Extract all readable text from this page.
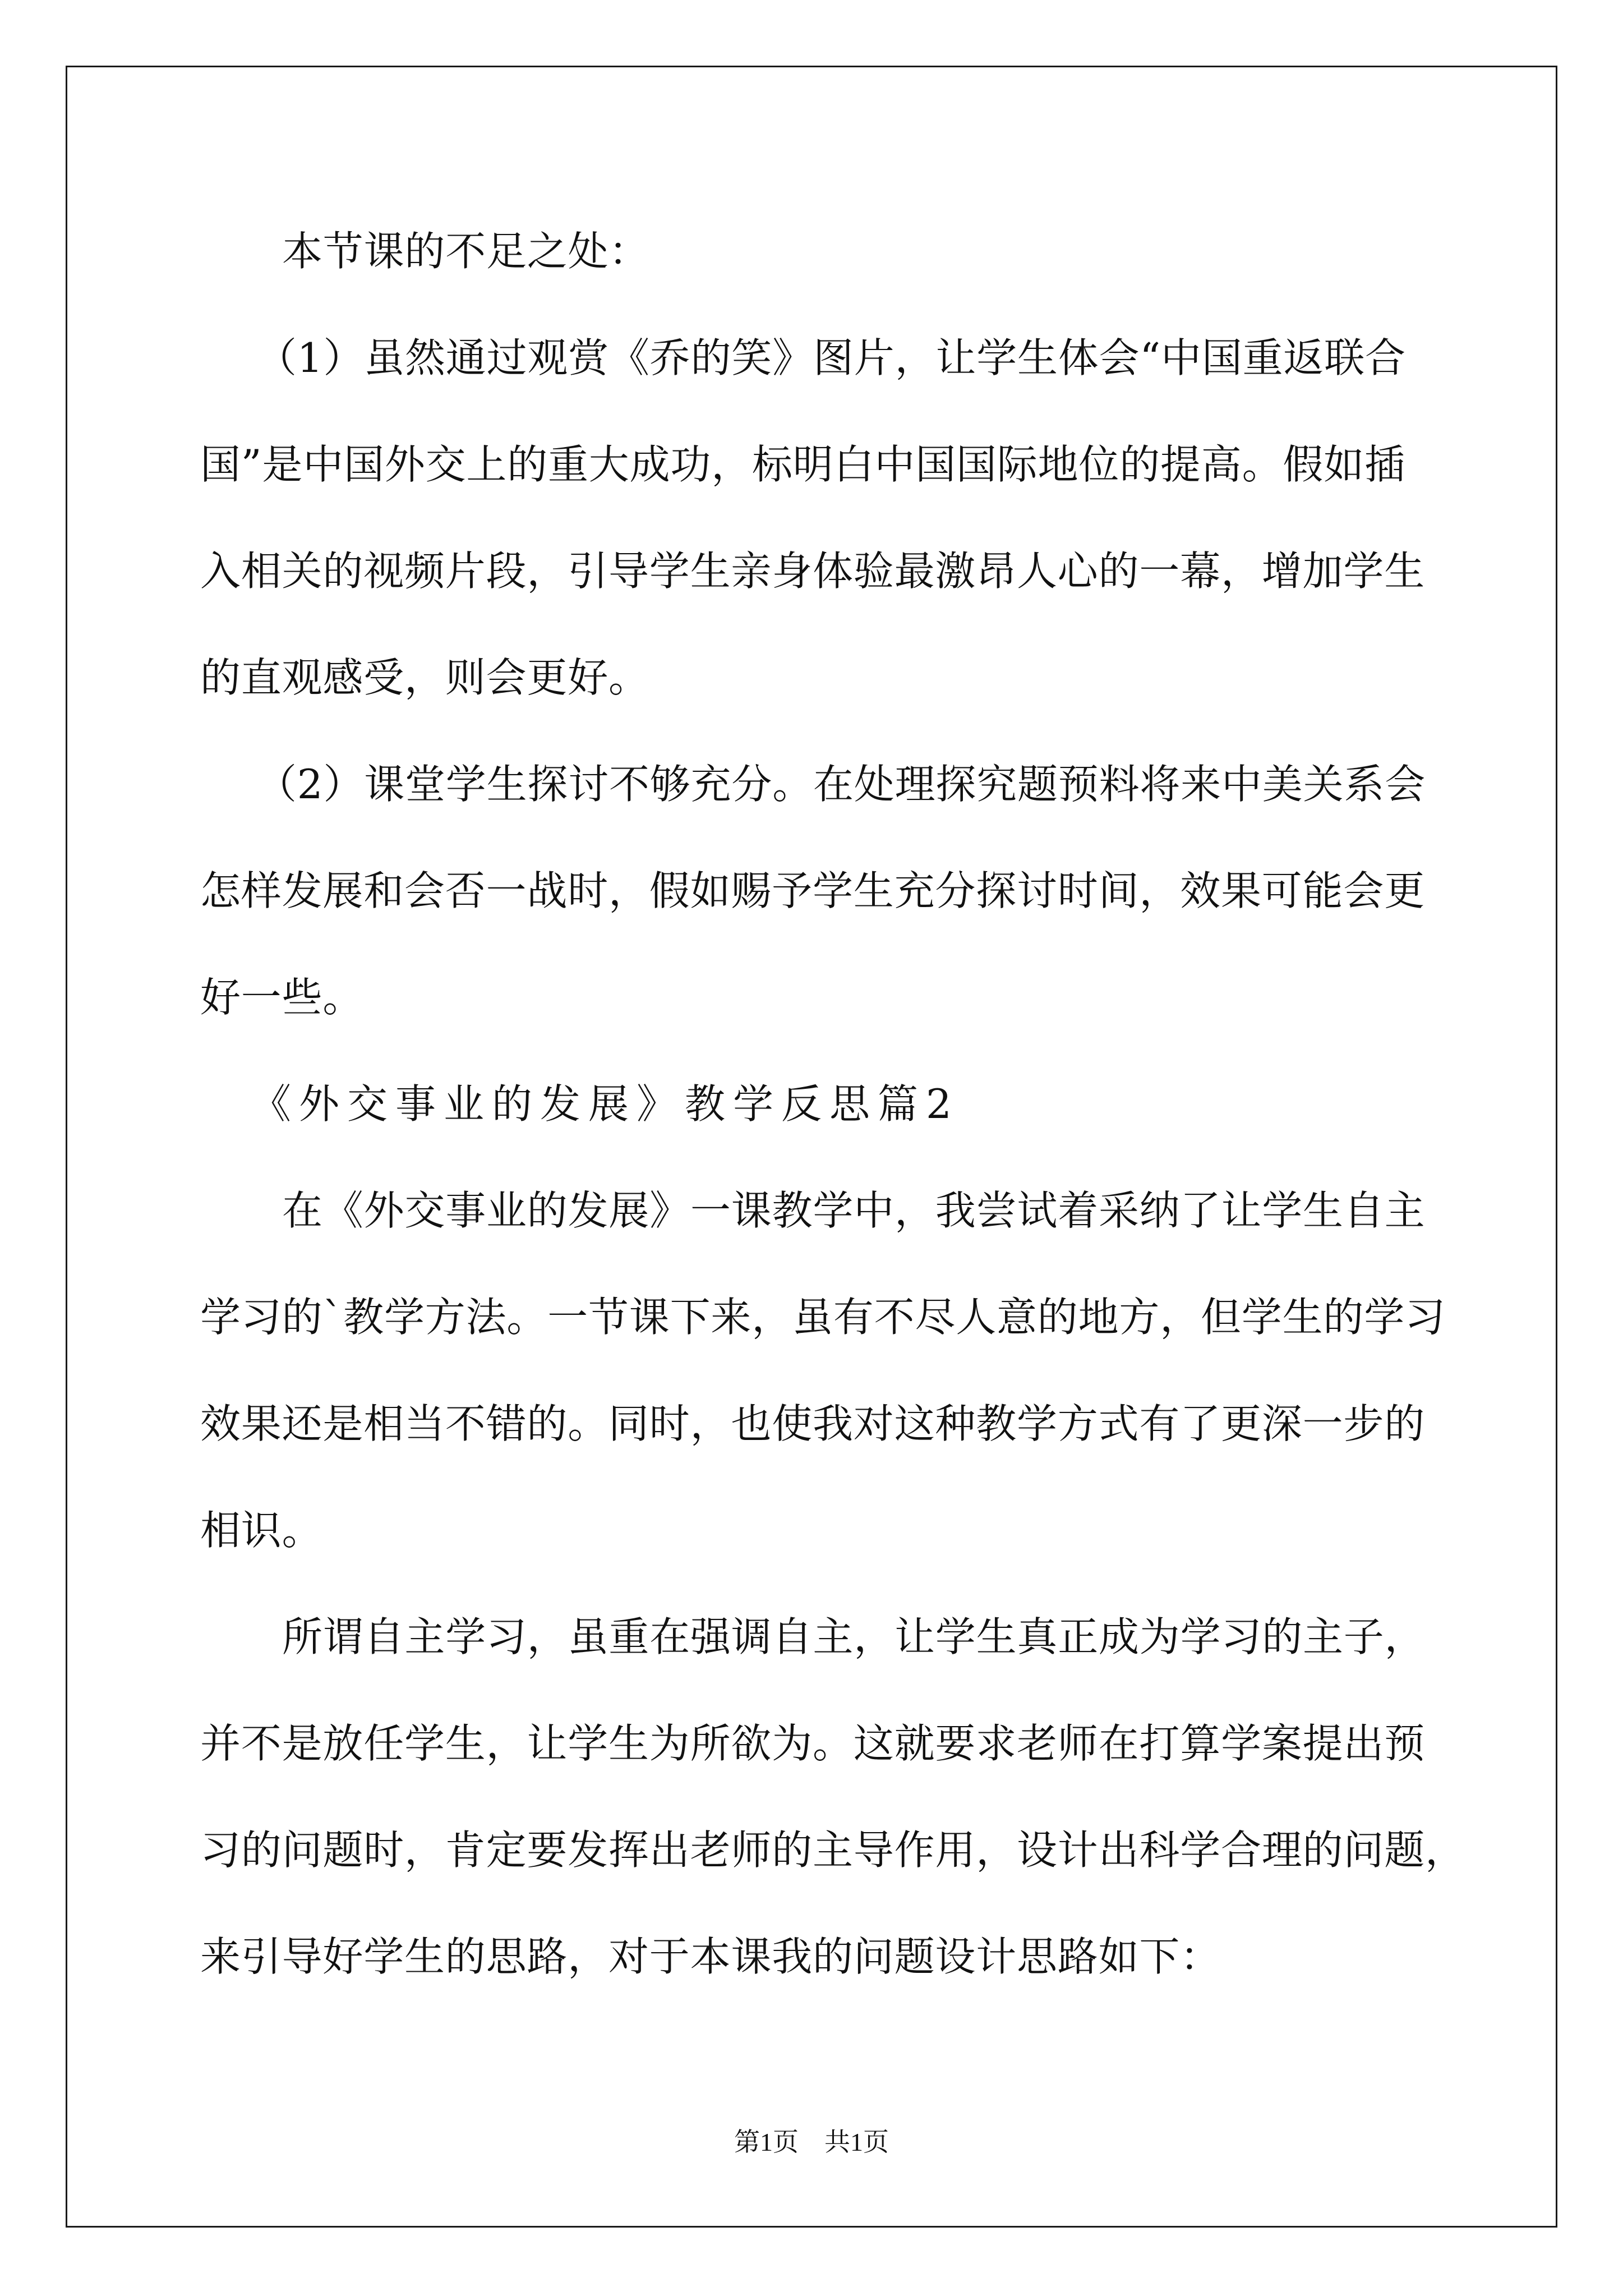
本节课的不足之处：
（1）虽然通过观赏《乔的笑》图片，让学生体会“中国重返联合
国”是中国外交上的重大成功，标明白中国国际地位的提高。假如插
入相关的视频片段，引导学生亲身体验最激昂人心的一幕，增加学生
的直观感受，则会更好。
（2）课堂学生探讨不够充分。在处理探究题预料将来中美关系会
怎样发展和会否一战时，假如赐予学生充分探讨时间，效果可能会更
好一些。
《外交事业的发展》教学反思篇2
在《外交事业的发展》一课教学中，我尝试着采纳了让学生自主
学习的`教学方法。一节课下来，虽有不尽人意的地方，但学生的学习
效果还是相当不错的。同时，也使我对这种教学方式有了更深一步的
相识。
所谓自主学习，虽重在强调自主，让学生真正成为学习的主子，
并不是放任学生，让学生为所欲为。这就要求老师在打算学案提出预
习的问题时，肯定要发挥出老师的主导作用，设计出科学合理的问题，
来引导好学生的思路，对于本课我的问题设计思路如下：
第1页　共1页
